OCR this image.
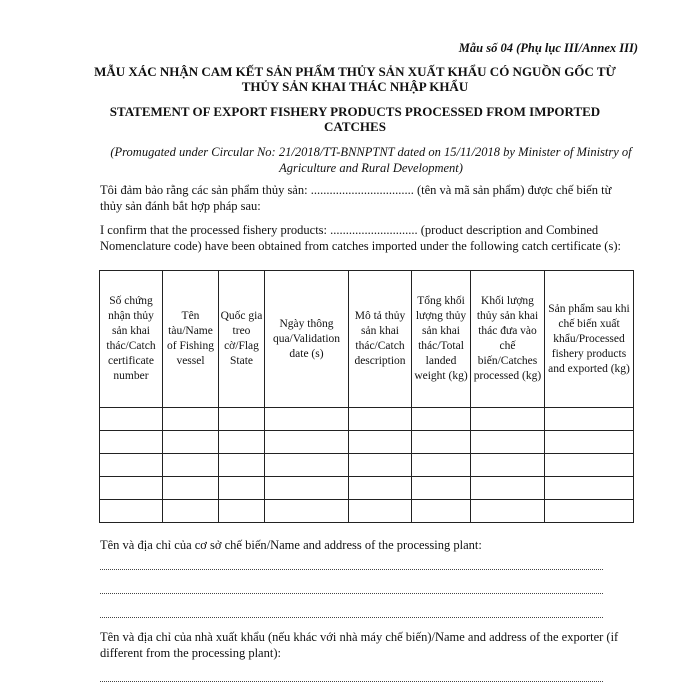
Mẫu số 04 (Phụ lục III/Annex III)
MẪU XÁC NHẬN CAM KẾT SẢN PHẨM THỦY SẢN XUẤT KHẨU CÓ NGUỒN GỐC TỪ THỦY SẢN KHAI THÁC NHẬP KHẨU
STATEMENT OF EXPORT FISHERY PRODUCTS PROCESSED FROM IMPORTED CATCHES
(Promugated under Circular No: 21/2018/TT-BNNPTNT dated on 15/11/2018 by Minister of Ministry of Agriculture and Rural Development)
Tôi đảm bảo rằng các sản phẩm thủy sản: ................................. (tên và mã sản phẩm) được chế biến từ thủy sản đánh bắt hợp pháp sau:
I confirm that the processed fishery products: ............................ (product description and Combined Nomenclature code) have been obtained from catches imported under the following catch certificate (s):
Số chứng nhận thủy sản khai thác/Catch certificate number	Tên tàu/Name of Fishing vessel	Quốc gia treo cờ/Flag State	Ngày thông qua/Validation date (s)	Mô tả thủy sản khai thác/Catch description	Tổng khối lượng thủy sản khai thác/Total landed weight (kg)	Khối lượng thủy sản khai thác đưa vào chế biến/Catches processed (kg)	Sản phẩm sau khi chế biến xuất khẩu/Processed fishery products and exported (kg)

Tên và địa chỉ của cơ sở chế biến/Name and address of the processing plant:
Tên và địa chỉ của nhà xuất khẩu (nếu khác với nhà máy chế biến)/Name and address of the exporter (if different from the processing plant):
